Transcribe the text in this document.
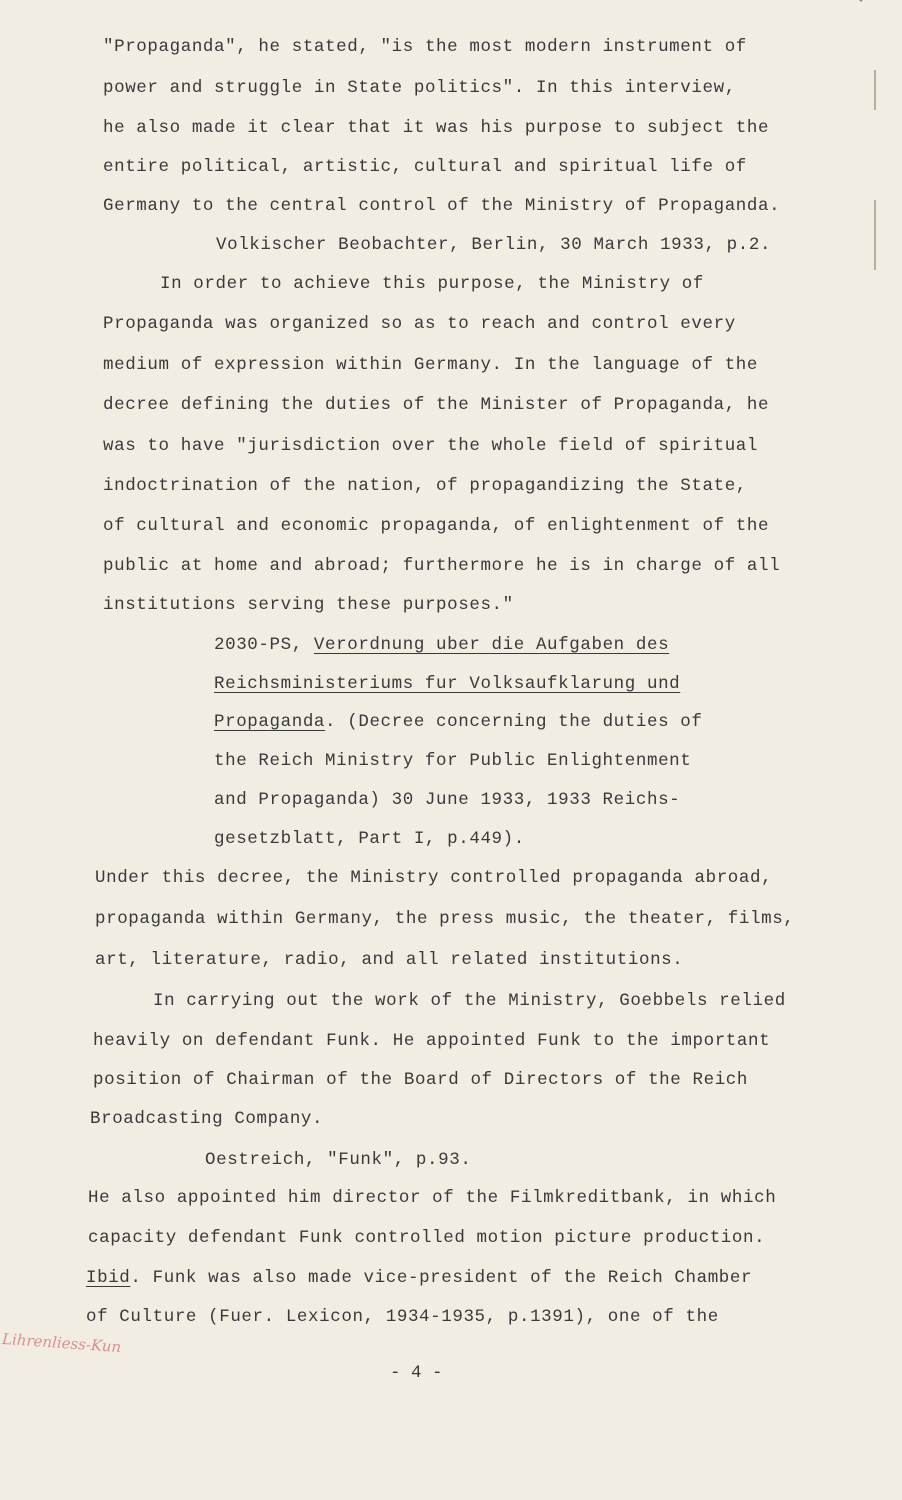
"Propaganda", he stated, "is the most modern instrument of
power and struggle in State politics". In this interview,
he also made it clear that it was his purpose to subject the
entire political, artistic, cultural and spiritual life of
Germany to the central control of the Ministry of Propaganda.
Volkischer Beobachter, Berlin, 30 March 1933, p.2.
In order to achieve this purpose, the Ministry of
Propaganda was organized so as to reach and control every
medium of expression within Germany. In the language of the
decree defining the duties of the Minister of Propaganda, he
was to have "jurisdiction over the whole field of spiritual
indoctrination of the nation, of propagandizing the State,
of cultural and economic propaganda, of enlightenment of the
public at home and abroad; furthermore he is in charge of all
institutions serving these purposes."
2030-PS, Verordnung uber die Aufgaben des
Reichsministeriums fur Volksaufklarung und
Propaganda. (Decree concerning the duties of
the Reich Ministry for Public Enlightenment
and Propaganda) 30 June 1933, 1933 Reichs-
gesetzblatt, Part I, p.449).
Under this decree, the Ministry controlled propaganda abroad,
propaganda within Germany, the press music, the theater, films,
art, literature, radio, and all related institutions.
In carrying out the work of the Ministry, Goebbels relied
heavily on defendant Funk. He appointed Funk to the important
position of Chairman of the Board of Directors of the Reich
Broadcasting Company.
Oestreich, "Funk", p.93.
He also appointed him director of the Filmkreditbank, in which
capacity defendant Funk controlled motion picture production.
Ibid. Funk was also made vice-president of the Reich Chamber
of Culture (Fuer. Lexicon, 1934-1935, p.1391), one of the
Lihrenliess-Kun
- 4 -
